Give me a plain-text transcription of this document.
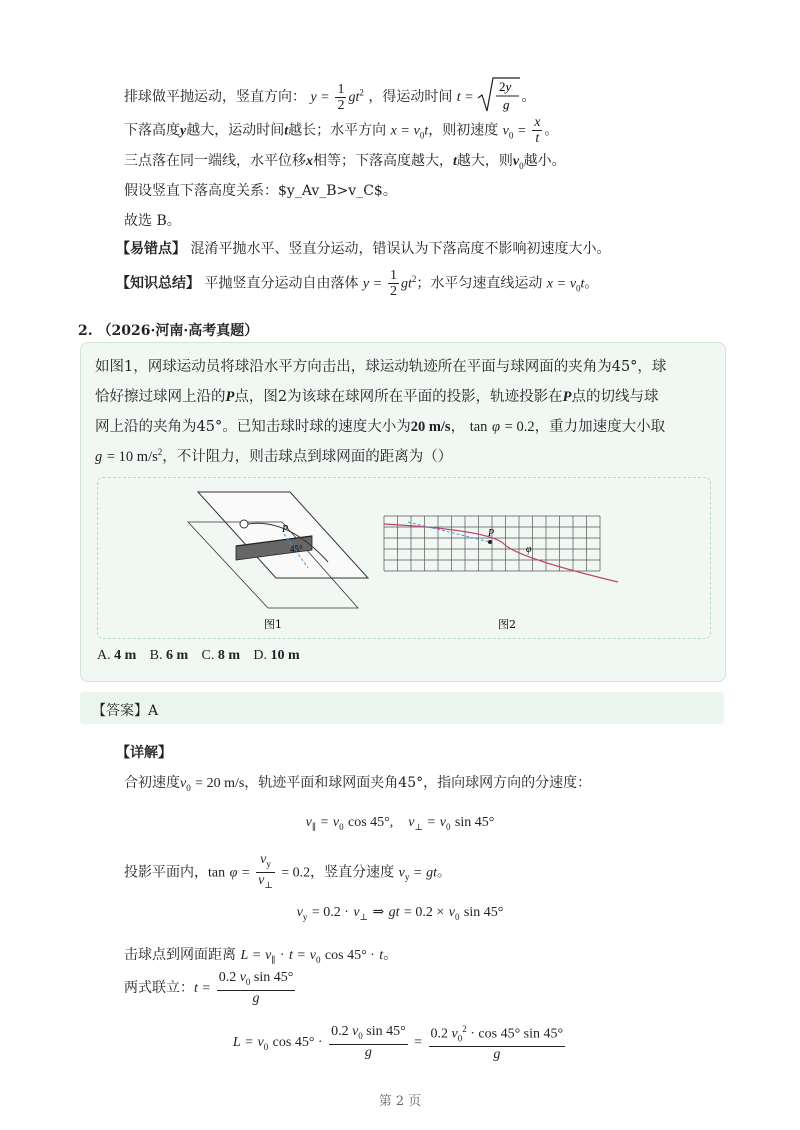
排球做平抛运动，竖直方向： $y = \frac{1}{2} gt^2$ ，得运动时间 t =
2y
g 。
下落高度y越大，运动时间t越长；水平方向 $x = v_0t$，则初速度 $v_0 = \frac{x}{t}$ 。
三点落在同一端线，水平位移x相等；下落高度越大，t越大，则$v_0$越小。
假设竖直下落高度关系：$y_Av_B>v_C$。
故选 B。
【易错点】 混淆平抛水平、竖直分运动，错误认为下落高度不影响初速度大小。
【知识总结】 平抛竖直分运动自由落体 $y = \frac{1}{2} gt^2$；水平匀速直线运动 $x = v_0t$。
2. （2026·河南·高考真题）
如图1，网球运动员将球沿水平方向击出，球运动轨迹所在平面与球网面的夹角为45°，球
恰好擦过球网上沿的P点，图2为该球在球网所在平面的投影，轨迹投影在P点的切线与球
网上沿的夹角为45°。已知击球时球的速度大小为20 m/s， tan φ = 0.2，重力加速度大小取
g = 10 $m/s^2$，不计阻力，则击球点到球网面的距离为（）
P
45°
图1	图2
P
φ
A. 4 m B. 6 m C. 8 m D. 10 m
【答案】A
【详解】
合初速度$v_0 = 20$ m/s，轨迹平面和球网面夹角45°，指向球网方向的分速度：
$v_\parallel = v_0$ cos 45°,    $v_\perp = v_0$ sin 45°
投影平面内，$\tan \varphi = \frac{v_y}{v_\perp} = 0.2$，竖直分速度 $v_y$ = gt。
$v_y = 0.2 \cdot v_\perp$ ⇒ gt = $0.2 \times v_0$ sin 45°
击球点到网面距离 $L = v_\parallel \cdot t = v_0$ cos 45° · t。
两式联立：$t = \frac{0.2 v_0 \sin 45^\circ}{g}$
$L = v_0$ $\cos 45^\circ \cdot \frac{0.2 v_0 \sin 45^\circ}{g} = \frac{0.2 v_0^2 \cdot \cos 45^\circ \sin 45^\circ}{g}$
第 2 页
